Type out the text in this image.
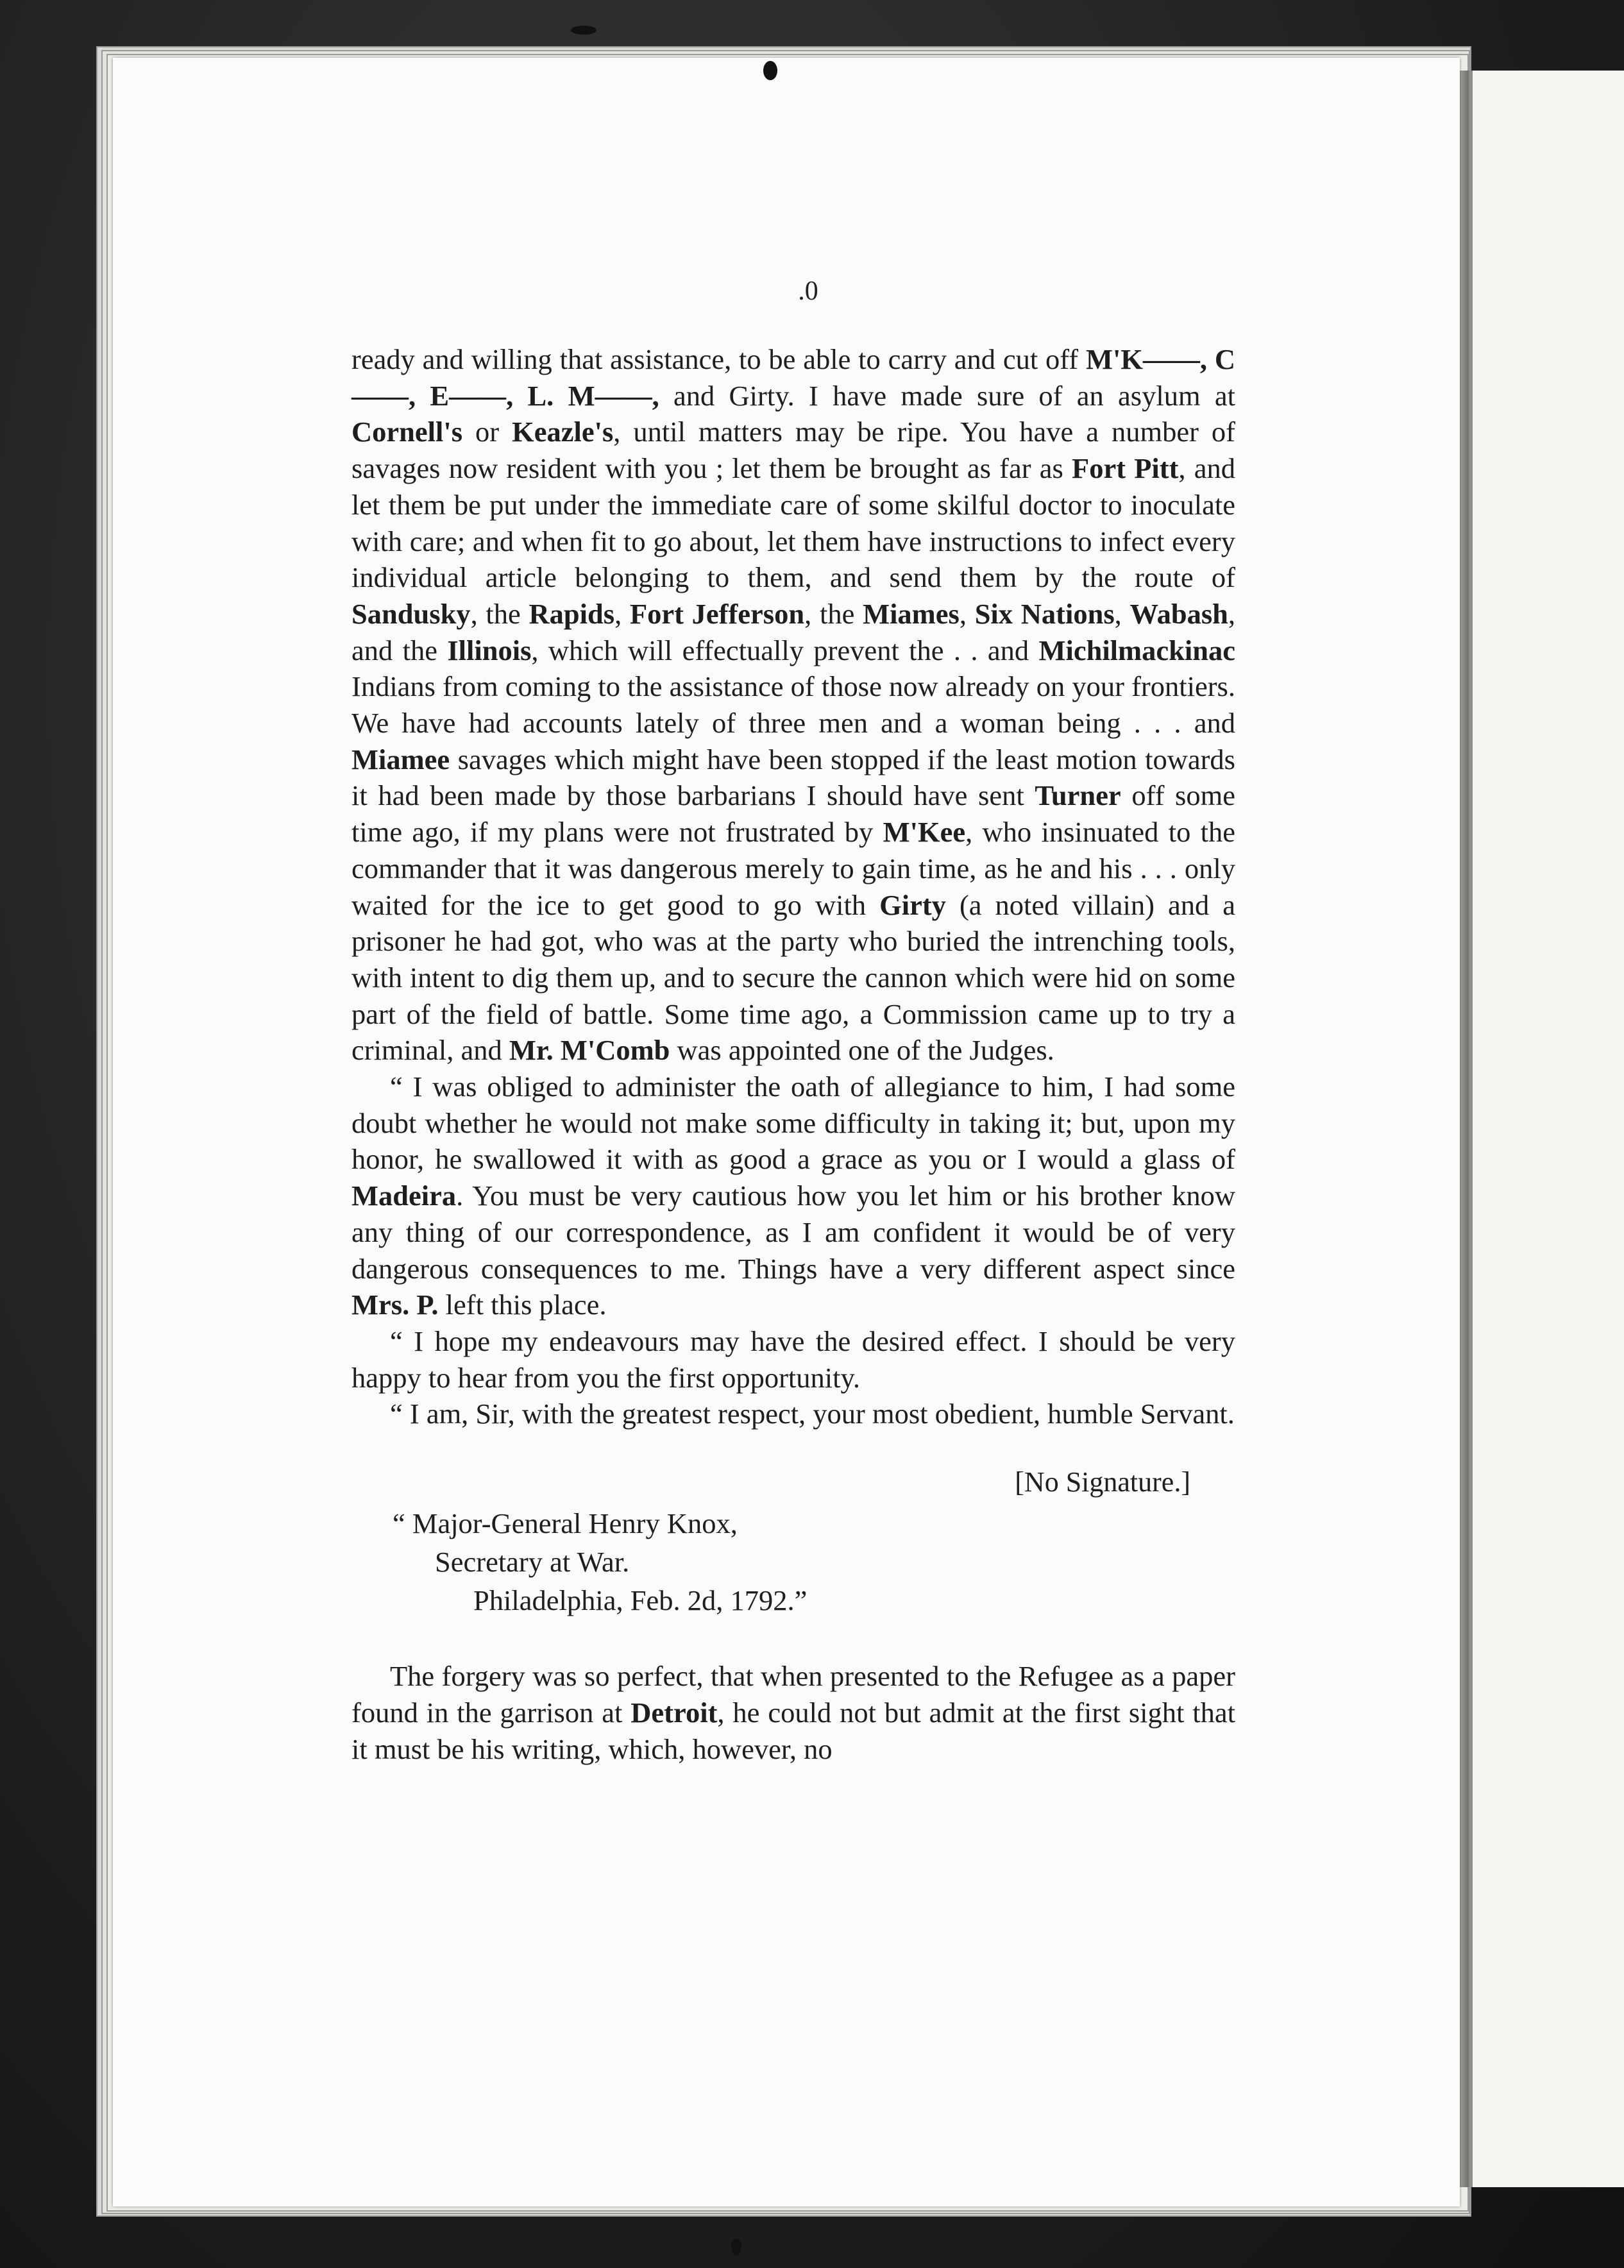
.0

ready and willing that assistance, to be able to carry and cut off M'K——, C——, E——, L. M——, and Girty. I have made sure of an asylum at Cornell's or Keazle's, until matters may be ripe. You have a number of savages now resident with you ; let them be brought as far as Fort Pitt, and let them be put under the immediate care of some skilful doctor to inoculate with care; and when fit to go about, let them have instructions to infect every individual article belonging to them, and send them by the route of Sandusky, the Rapids, Fort Jefferson, the Miames, Six Nations, Wabash, and the Illinois, which will effectually prevent the . . and Michilmackinac Indians from coming to the assistance of those now already on your frontiers. We have had accounts lately of three men and a woman being . . . and Miamee savages which might have been stopped if the least motion towards it had been made by those barbarians I should have sent Turner off some time ago, if my plans were not frustrated by M'Kee, who insinuated to the commander that it was dangerous merely to gain time, as he and his . . . only waited for the ice to get good to go with Girty (a noted villain) and a prisoner he had got, who was at the party who buried the intrenching tools, with intent to dig them up, and to secure the cannon which were hid on some part of the field of battle. Some time ago, a Commission came up to try a criminal, and Mr. M'Comb was appointed one of the Judges.

“ I was obliged to administer the oath of allegiance to him, I had some doubt whether he would not make some difficulty in taking it; but, upon my honor, he swallowed it with as good a grace as you or I would a glass of Madeira. You must be very cautious how you let him or his brother know any thing of our correspondence, as I am confident it would be of very dangerous consequences to me. Things have a very different aspect since Mrs. P. left this place.

“ I hope my endeavours may have the desired effect. I should be very happy to hear from you the first opportunity.

“ I am, Sir, with the greatest respect, your most obedient, humble Servant.

[No Signature.]

“ Major-General Henry Knox,

Secretary at War.

Philadelphia, Feb. 2d, 1792.”

The forgery was so perfect, that when presented to the Refugee as a paper found in the garrison at Detroit, he could not but admit at the first sight that it must be his writing, which, however, no
